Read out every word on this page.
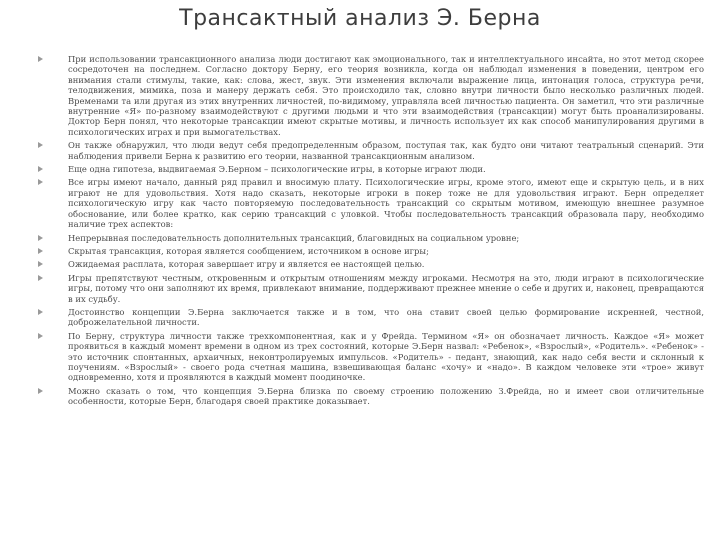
Трансактный анализ Э. Берна
При использовании трансакционного анализа люди достигают как эмоционального, так и интеллектуального инсайта, но этот метод скорее сосредоточен на последнем. Согласно доктору Берну, его теория возникла, когда он наблюдал изменения в поведении, центром его внимания стали стимулы, такие, как: слова, жест, звук. Эти изменения включали выражение лица, интонация голоса, структура речи, телодвижения, мимика, поза и манеру держать себя. Это происходило так, словно внутри личности было несколько различных людей. Временами та или другая из этих внутренних личностей, по-видимому, управляла всей личностью пациента. Он заметил, что эти различные внутренние «Я» по-разному взаимодействуют с другими людьми и что эти взаимодействия (трансакции) могут быть проанализированы. Доктор Берн понял, что некоторые трансакции имеют скрытые мотивы, и личность использует их как способ манипулирования другими в психологических играх и при вымогательствах.
Он также обнаружил, что люди ведут себя предопределенным образом, поступая так, как будто они читают театральный сценарий. Эти наблюдения привели Берна к развитию его теории, названной трансакционным анализом.
Еще одна гипотеза, выдвигаемая Э.Берном – психологические игры, в которые играют люди.
Все игры имеют начало, данный ряд правил и вносимую плату. Психологические игры, кроме этого, имеют еще и скрытую цель, и в них играют не для удовольствия. Хотя надо сказать, некоторые игроки в покер тоже не для удовольствия играют. Берн определяет психологическую игру как часто повторяемую последовательность трансакций со скрытым мотивом, имеющую внешнее разумное обоснование, или более кратко, как серию трансакций с уловкой. Чтобы последовательность трансакций образовала пару, необходимо наличие трех аспектов:
Непрерывная последовательность дополнительных трансакций, благовидных на социальном уровне;
Скрытая трансакция, которая является сообщением, источником в основе игры;
Ожидаемая расплата, которая завершает игру и является ее настоящей целью.
Игры препятствуют честным, откровенным и открытым отношениям между игроками. Несмотря на это, люди играют в психологические игры, потому что они заполняют их время, привлекают внимание, поддерживают прежнее мнение о себе и других и, наконец, превращаются в их судьбу.
Достоинство концепции Э.Берна заключается также и в том, что она ставит своей целью формирование искренней, честной, доброжелательной личности.
По Берну, структура личности также трехкомпонентная, как и у Фрейда. Термином «Я» он обозначает личность. Каждое «Я» может проявиться в каждый момент времени в одном из трех состояний, которые Э.Берн назвал: «Ребенок», «Взрослый», «Родитель». «Ребенок» - это источник спонтанных, архаичных, неконтролируемых импульсов. «Родитель» - педант, знающий, как надо себя вести и склонный к поучениям. «Взрослый» - своего рода счетная машина, взвешивающая баланс «хочу» и «надо». В каждом человеке эти «трое» живут одновременно, хотя и проявляются в каждый момент поодиночке.
Можно сказать о том, что концепция Э.Берна близка по своему строению положению З.Фрейда, но и имеет свои отличительные особенности, которые Берн, благодаря своей практике доказывает.
